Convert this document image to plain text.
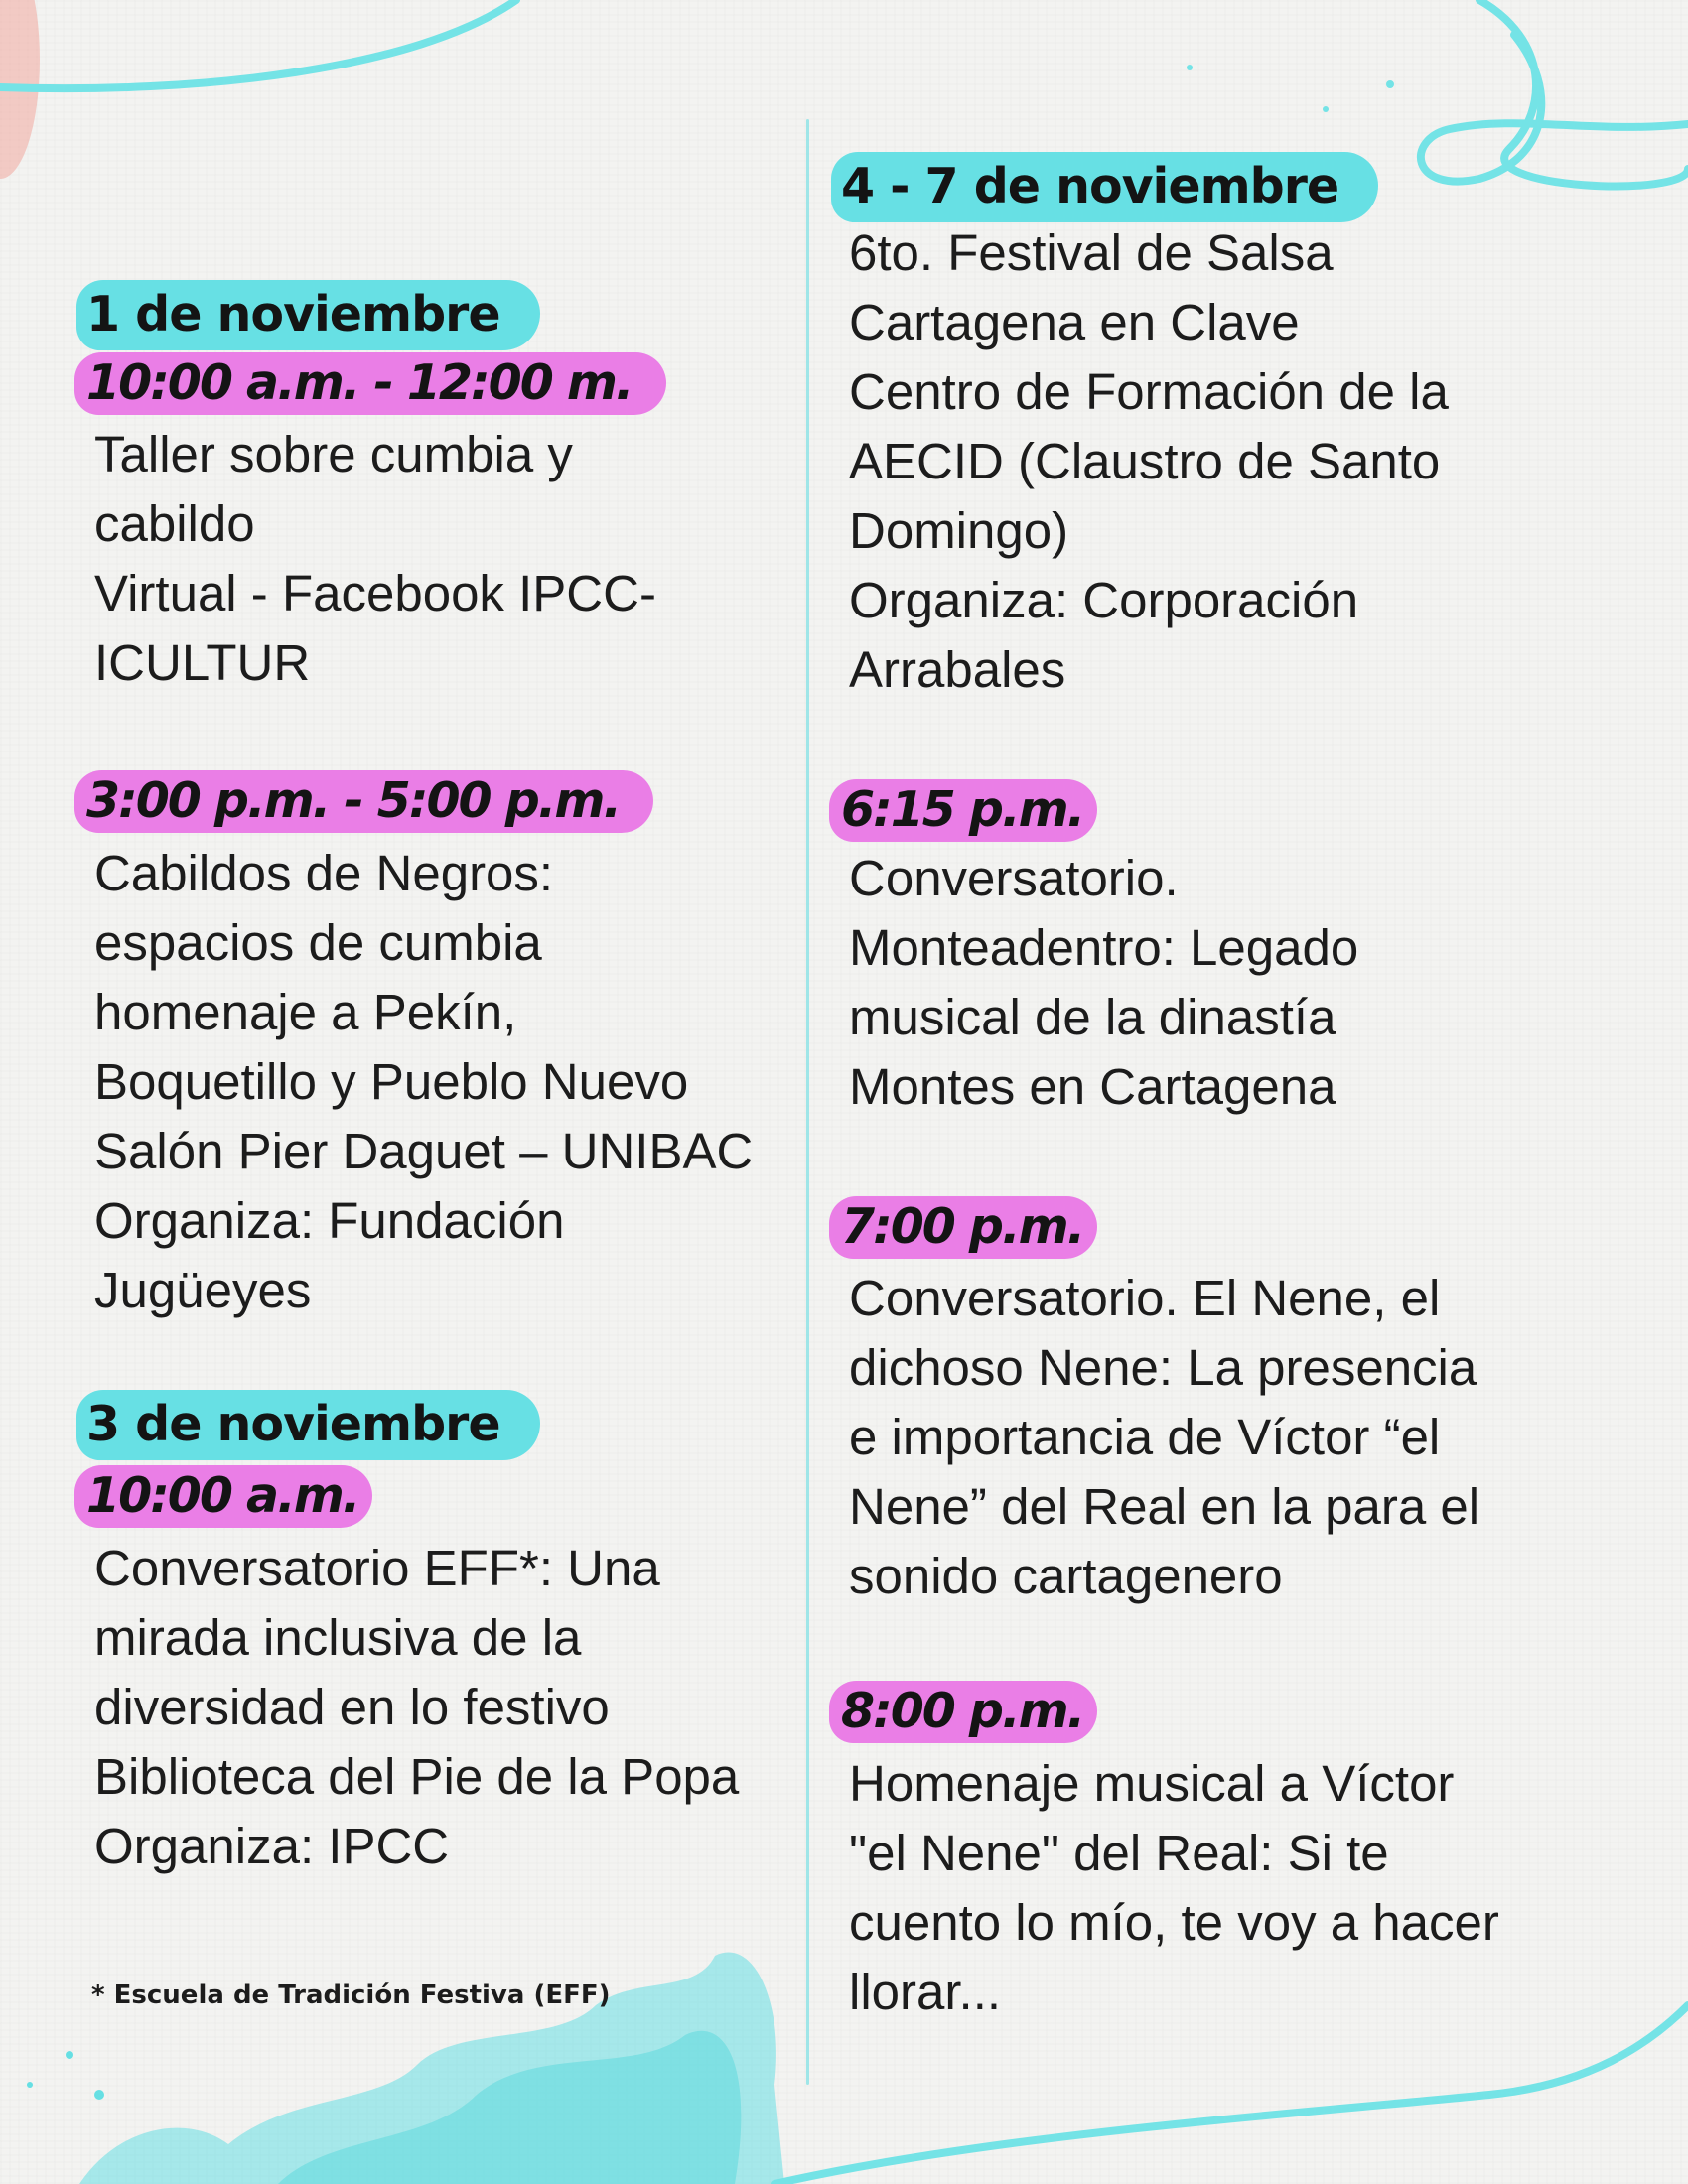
1 de noviembre
10:00 a.m. - 12:00 m.
Taller sobre cumbia y
cabildo
Virtual - Facebook IPCC-
ICULTUR
3:00 p.m. - 5:00 p.m.
Cabildos de Negros:
espacios de cumbia
homenaje a Pekín,
Boquetillo y Pueblo Nuevo
Salón Pier Daguet – UNIBAC
Organiza: Fundación
Jugüeyes
3 de noviembre
10:00 a.m.
Conversatorio EFF*: Una
mirada inclusiva de la
diversidad en lo festivo
Biblioteca del Pie de la Popa
Organiza: IPCC
* Escuela de Tradición Festiva (EFF)
4 - 7 de noviembre
6to. Festival de Salsa
Cartagena en Clave
Centro de Formación de la
AECID (Claustro de Santo
Domingo)
Organiza: Corporación
Arrabales
6:15 p.m.
Conversatorio.
Monteadentro: Legado
musical de la dinastía
Montes en Cartagena
7:00 p.m.
Conversatorio. El Nene, el
dichoso Nene: La presencia
e importancia de Víctor “el
Nene” del Real en la para el
sonido cartagenero
8:00 p.m.
Homenaje musical a Víctor
"el Nene" del Real: Si te
cuento lo mío, te voy a hacer
llorar...
